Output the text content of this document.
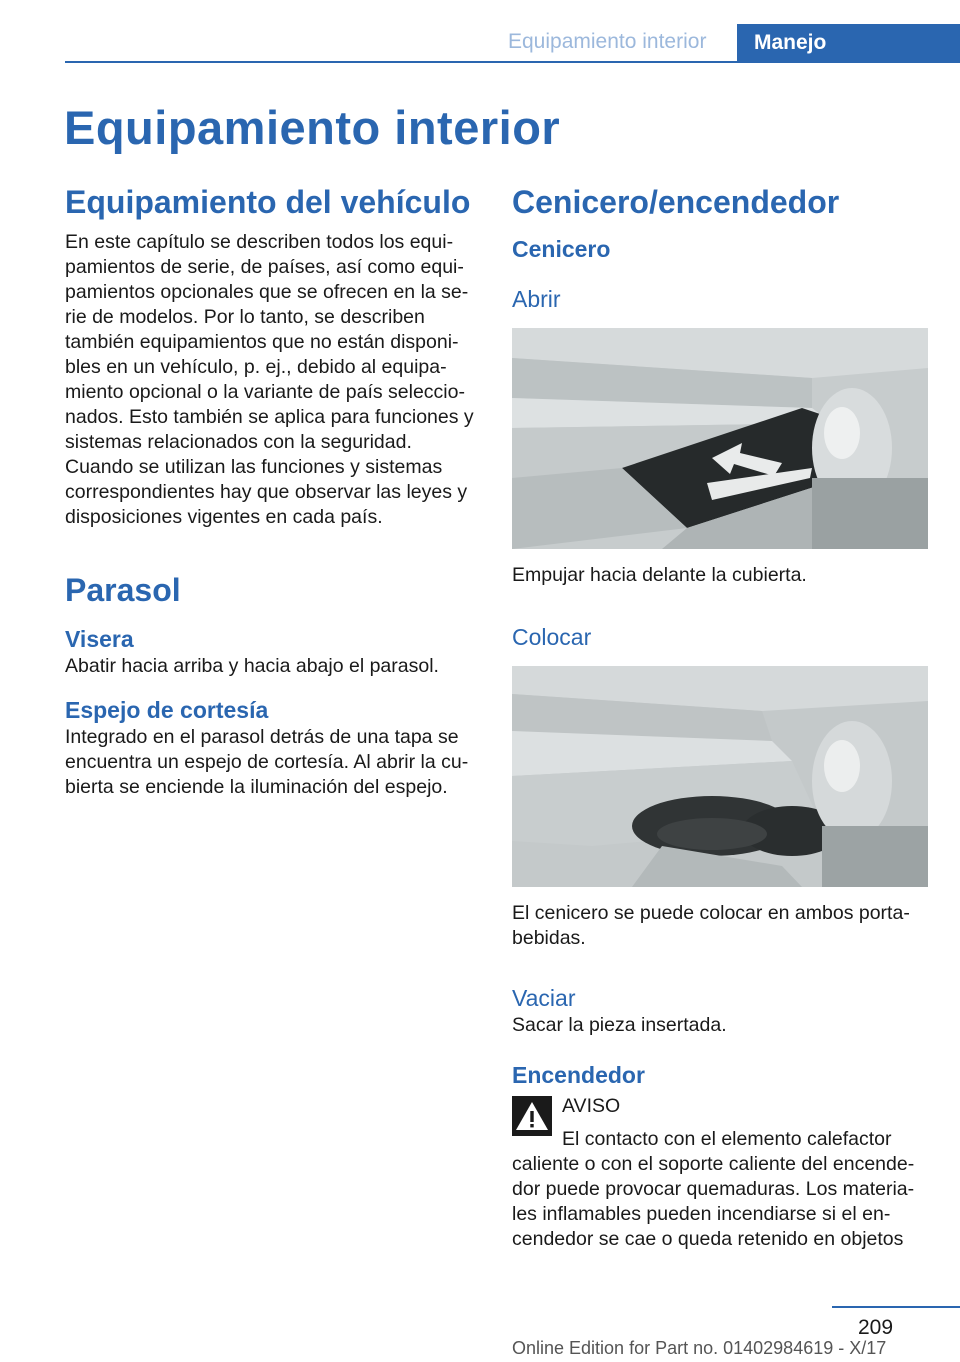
Equipamiento interior	Manejo
Equipamiento interior
Equipamiento del vehículo

En este capítulo se describen todos los equi-

pamientos de serie, de países, así como equi-

pamientos opcionales que se ofrecen en la se-

rie de modelos. Por lo tanto, se describen

también equipamientos que no están disponi-

bles en un vehículo, p. ej., debido al equipa-

miento opcional o la variante de país seleccio-

nados. Esto también se aplica para funciones y

sistemas relacionados con la seguridad.

Cuando se utilizan las funciones y sistemas

correspondientes hay que observar las leyes y

disposiciones vigentes en cada país.

Parasol
Visera

Abatir hacia arriba y hacia abajo el parasol.

Espejo de cortesía

Integrado en el parasol detrás de una tapa se

encuentra un espejo de cortesía. Al abrir la cu-

bierta se enciende la iluminación del espejo.

Cenicero/encendedor
Cenicero
Abrir

Empujar hacia delante la cubierta.

Colocar

El cenicero se puede colocar en ambos porta-

bebidas.

Vaciar

Sacar la pieza insertada.

Encendedor

AVISO

El contacto con el elemento calefactor

caliente o con el soporte caliente del encende-

dor puede provocar quemaduras. Los materia-

les inflamables pueden incendiarse si el en-

cendedor se cae o queda retenido en objetos

209
Online Edition for Part no. 01402984619 - X/17
